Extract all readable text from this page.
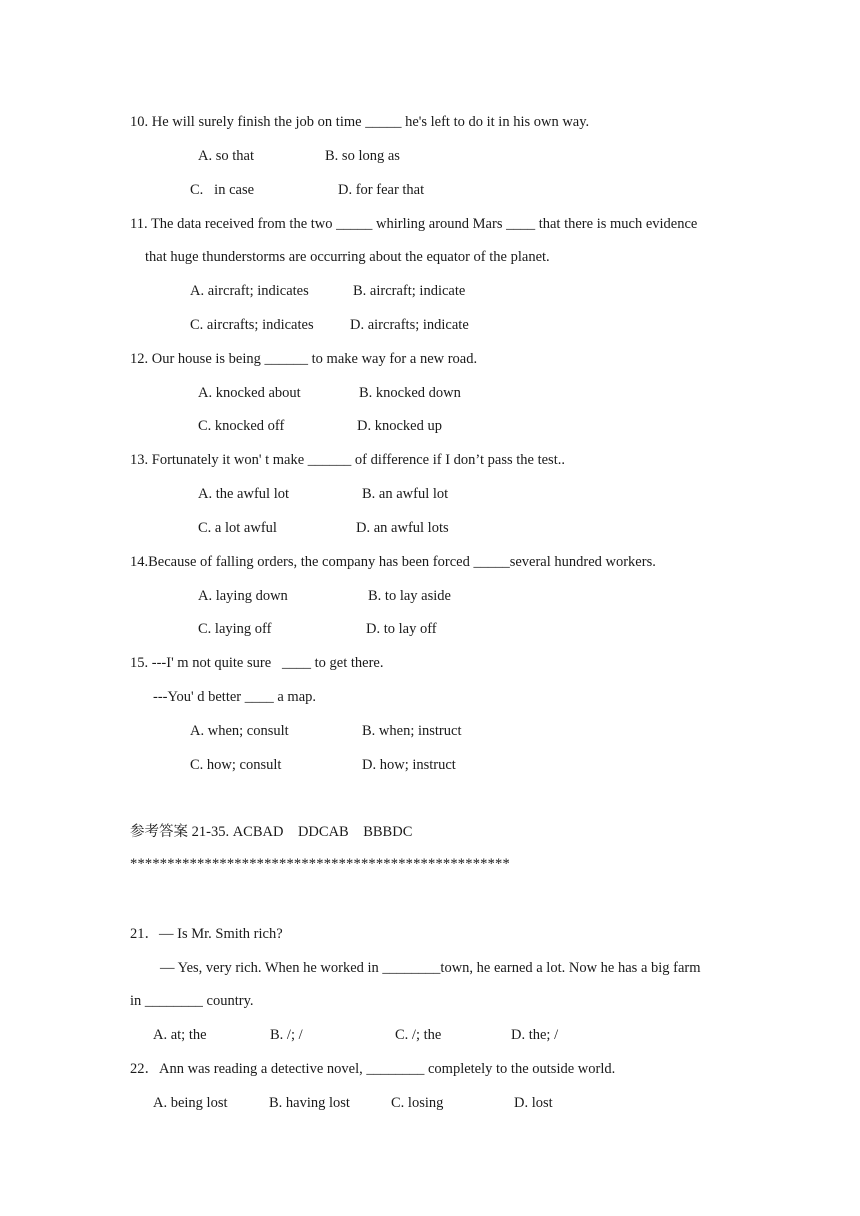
10. He will surely finish the job on time _____ he's left to do it in his own way.
A. so that	B. so long as
C.   in case	D. for fear that
11. The data received from the two _____ whirling around Mars ____ that there is much evidence
that huge thunderstorms are occurring about the equator of the planet.
A. aircraft; indicates	B. aircraft; indicate
C. aircrafts; indicates	D. aircrafts; indicate
12. Our house is being ______ to make way for a new road.
A. knocked about	B. knocked down
C. knocked off	D. knocked up
13. Fortunately it won' t make ______ of difference if I don’t pass the test..
A. the awful lot	B. an awful lot
C. a lot awful	D. an awful lots
14.Because of falling orders, the company has been forced _____several hundred workers.
A. laying down	B. to lay aside
C. laying off	D. to lay off
15. ---I' m not quite sure   ____ to get there.
---You' d better ____ a map.
A. when; consult	B. when; instruct
C. how; consult	D. how; instruct
参考答案 21-35. ACBAD    DDCAB    BBBDC
***************************************************
21．— Is Mr. Smith rich?
— Yes, very rich. When he worked in ________town, he earned a lot. Now he has a big farm
in ________ country.
A. at; the	B. /; /	C. /; the	D. the; /
22．Ann was reading a detective novel, ________ completely to the outside world.
A. being lost	B. having lost	C. losing	D. lost
